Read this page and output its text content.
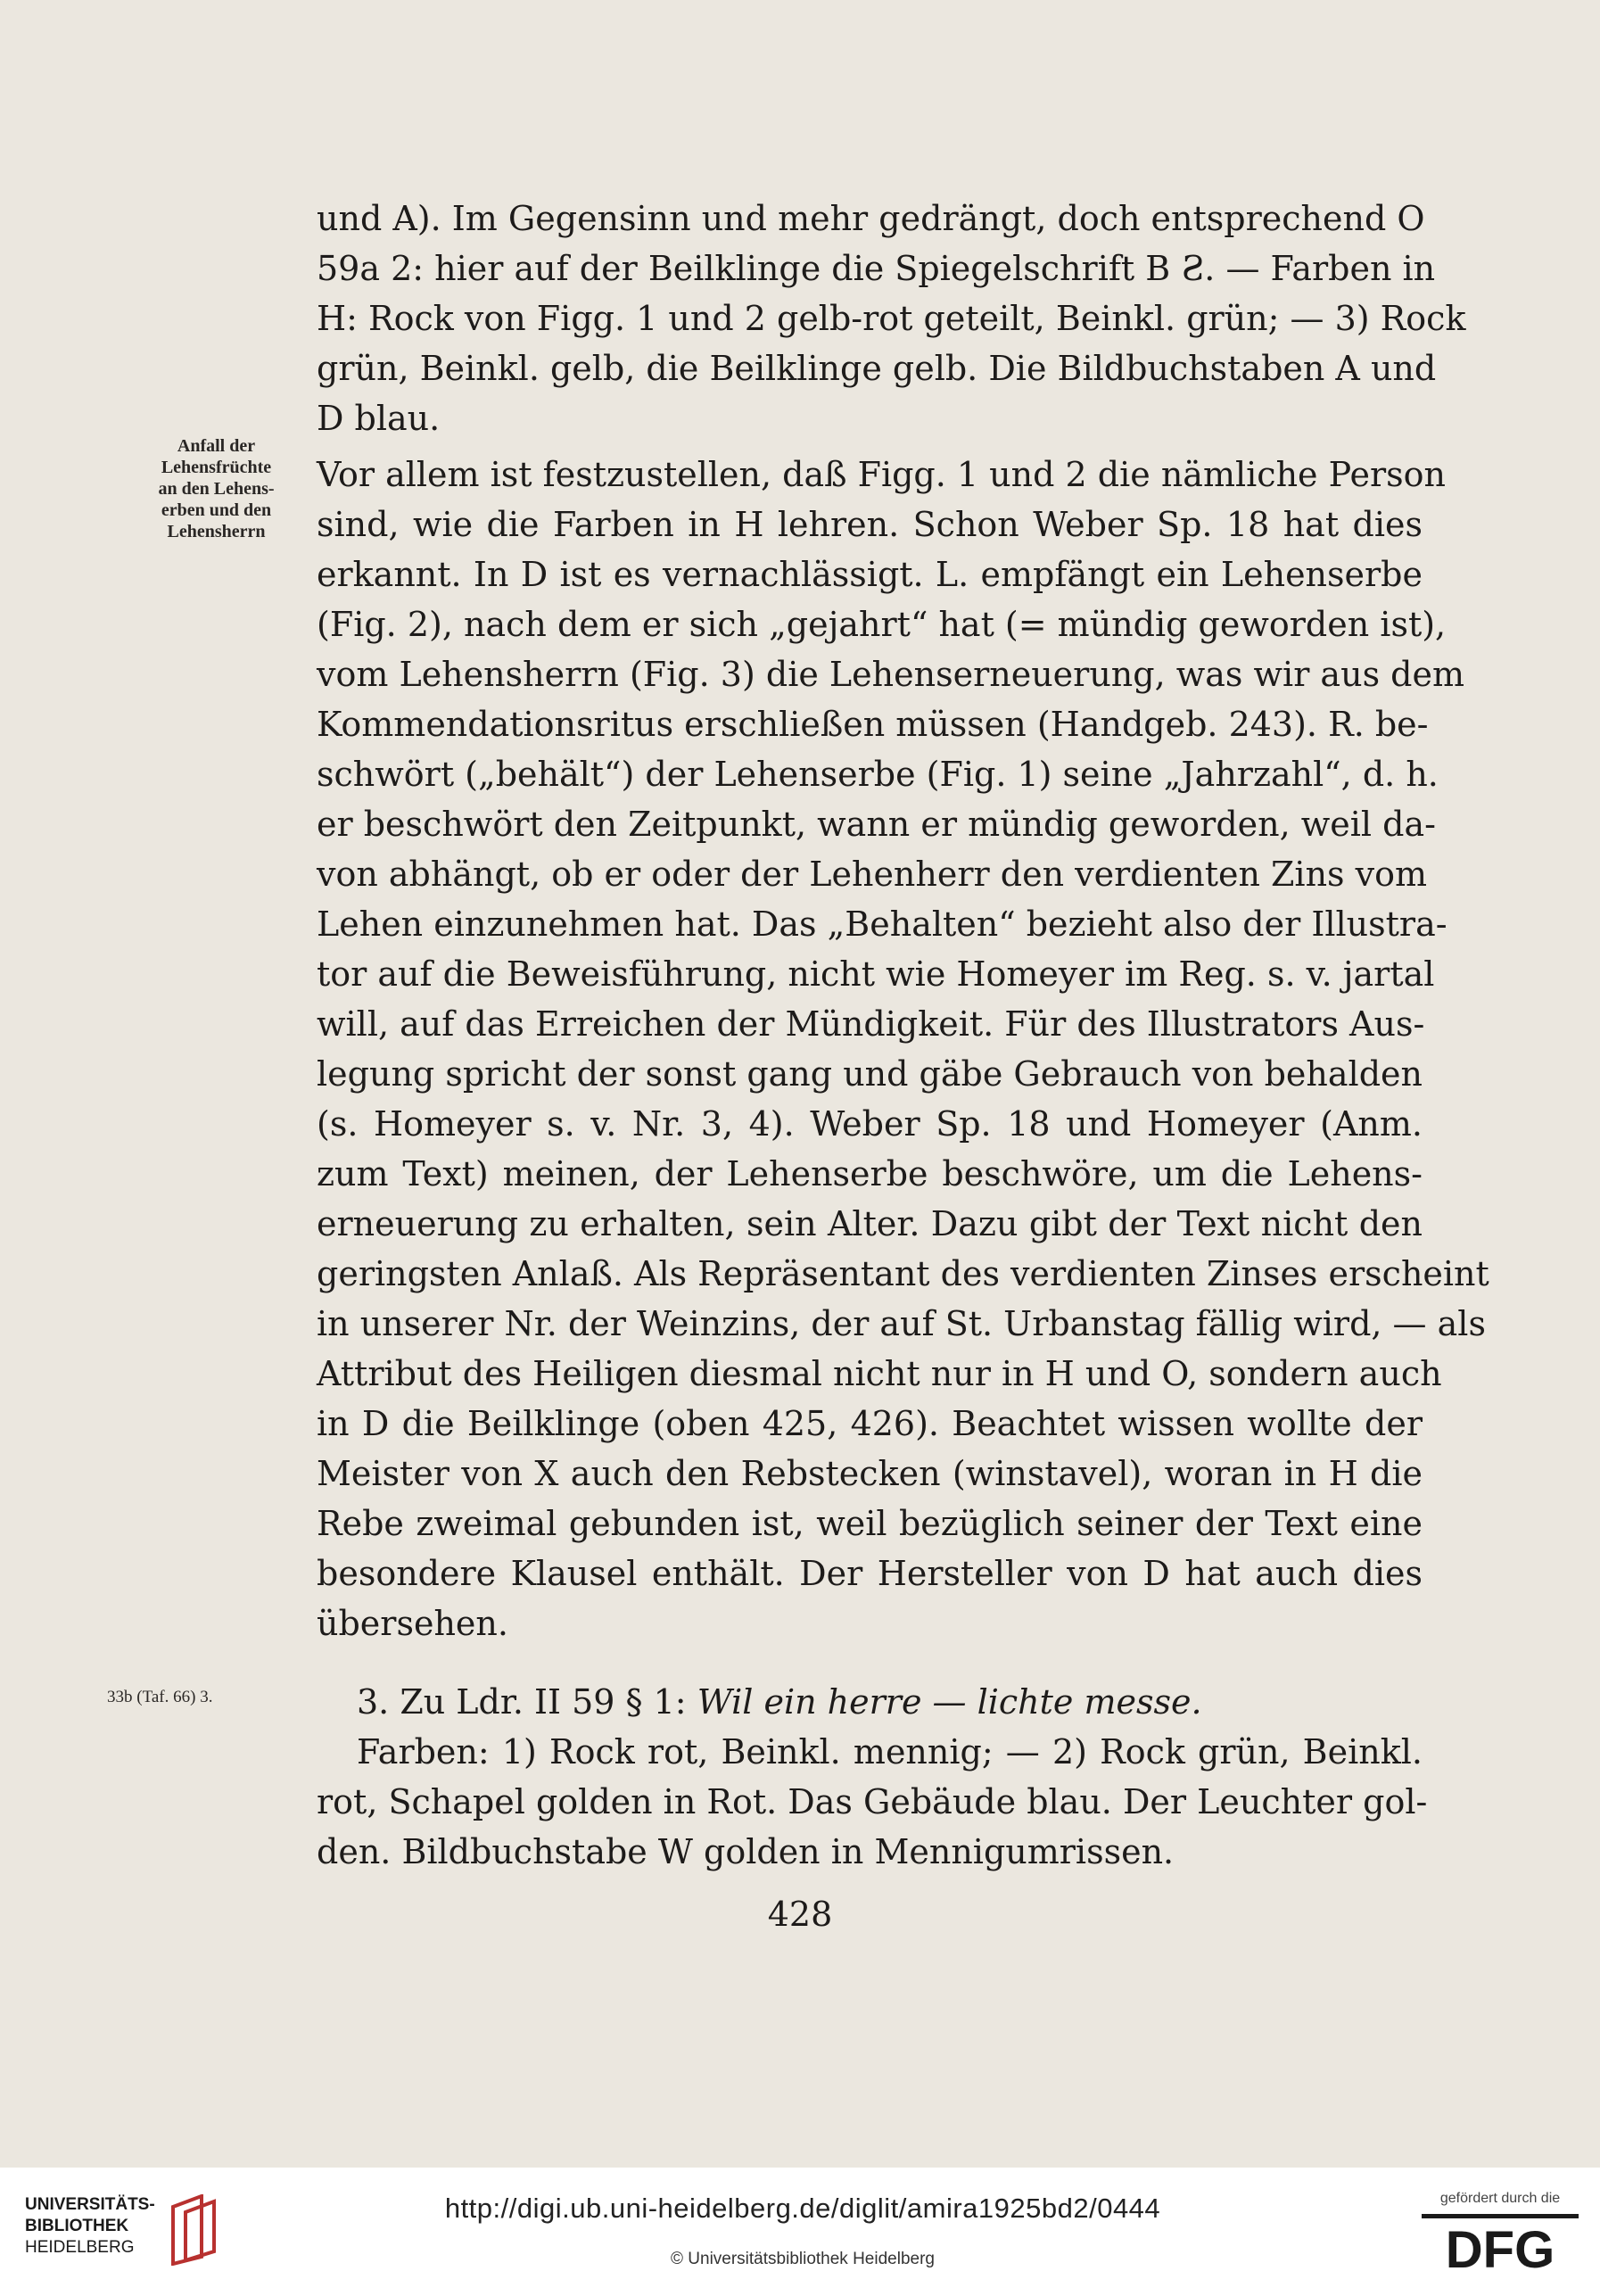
und A). Im Gegensinn und mehr gedrängt, doch entsprechend O
59a 2: hier auf der Beilklinge die Spiegelschrift B Ƨ. — Farben in
H: Rock von Figg. 1 und 2 gelb-rot geteilt, Beinkl. grün; — 3) Rock
grün, Beinkl. gelb, die Beilklinge gelb. Die Bildbuchstaben A und
D blau.
Vor allem ist festzustellen, daß Figg. 1 und 2 die nämliche Person
sind, wie die Farben in H lehren. Schon Weber Sp. 18 hat dies
erkannt. In D ist es vernachlässigt. L. empfängt ein Lehenserbe
(Fig. 2), nach dem er sich „gejahrt“ hat (= mündig geworden ist),
vom Lehensherrn (Fig. 3) die Lehenserneuerung, was wir aus dem
Kommendationsritus erschließen müssen (Handgeb. 243). R. be-
schwört („behält“) der Lehenserbe (Fig. 1) seine „Jahrzahl“, d. h.
er beschwört den Zeitpunkt, wann er mündig geworden, weil da-
von abhängt, ob er oder der Lehenherr den verdienten Zins vom
Lehen einzunehmen hat. Das „Behalten“ bezieht also der Illustra-
tor auf die Beweisführung, nicht wie Homeyer im Reg. s. v. jartal
will, auf das Erreichen der Mündigkeit. Für des Illustrators Aus-
legung spricht der sonst gang und gäbe Gebrauch von behalden
(s. Homeyer s. v. Nr. 3, 4). Weber Sp. 18 und Homeyer (Anm.
zum Text) meinen, der Lehenserbe beschwöre, um die Lehens-
erneuerung zu erhalten, sein Alter. Dazu gibt der Text nicht den
geringsten Anlaß. Als Repräsentant des verdienten Zinses erscheint
in unserer Nr. der Weinzins, der auf St. Urbanstag fällig wird, — als
Attribut des Heiligen diesmal nicht nur in H und O, sondern auch
in D die Beilklinge (oben 425, 426). Beachtet wissen wollte der
Meister von X auch den Rebstecken (winstavel), woran in H die
Rebe zweimal gebunden ist, weil bezüglich seiner der Text eine
besondere Klausel enthält. Der Hersteller von D hat auch dies
übersehen.
Anfall der
Lehensfrüchte
an den Lehens-
erben und den
Lehensherrn
33b (Taf. 66) 3.	3. Zu Ldr. II 59 § 1: Wil ein herre — lichte messe.
Farben: 1) Rock rot, Beinkl. mennig; — 2) Rock grün, Beinkl.
rot, Schapel golden in Rot. Das Gebäude blau. Der Leuchter gol-
den. Bildbuchstabe W golden in Mennigumrissen.
428
UNIVERSITÄTS-
BIBLIOTHEK
HEIDELBERG
http://digi.ub.uni-heidelberg.de/diglit/amira1925bd2/0444
© Universitätsbibliothek Heidelberg
gefördert durch die
DFG
